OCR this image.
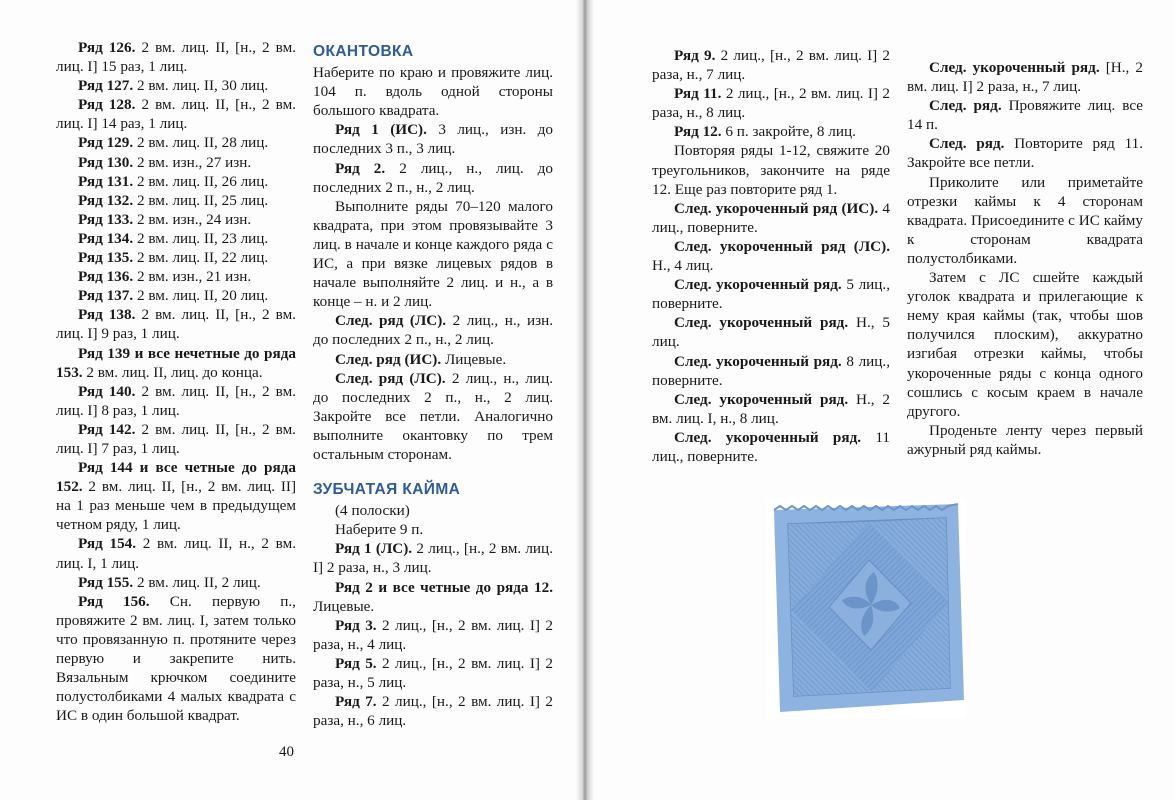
Ряд 126. 2 вм. лиц. II, [н., 2 вм. лиц. I] 15 раз, 1 лиц.

Ряд 127. 2 вм. лиц. II, 30 лиц.

Ряд 128. 2 вм. лиц. II, [н., 2 вм. лиц. I] 14 раз, 1 лиц.

Ряд 129. 2 вм. лиц. II, 28 лиц.

Ряд 130. 2 вм. изн., 27 изн.

Ряд 131. 2 вм. лиц. II, 26 лиц.

Ряд 132. 2 вм. лиц. II, 25 лиц.

Ряд 133. 2 вм. изн., 24 изн.

Ряд 134. 2 вм. лиц. II, 23 лиц.

Ряд 135. 2 вм. лиц. II, 22 лиц.

Ряд 136. 2 вм. изн., 21 изн.

Ряд 137. 2 вм. лиц. II, 20 лиц.

Ряд 138. 2 вм. лиц. II, [н., 2 вм. лиц. I] 9 раз, 1 лиц.

Ряд 139 и все нечетные до ряда 153. 2 вм. лиц. II, лиц. до конца.

Ряд 140. 2 вм. лиц. II, [н., 2 вм. лиц. I] 8 раз, 1 лиц.

Ряд 142. 2 вм. лиц. II, [н., 2 вм. лиц. I] 7 раз, 1 лиц.

Ряд 144 и все четные до ряда 152. 2 вм. лиц. II, [н., 2 вм. лиц. II] на 1 раз меньше чем в предыдущем четном ряду, 1 лиц.

Ряд 154. 2 вм. лиц. II, н., 2 вм. лиц. I, 1 лиц.

Ряд 155. 2 вм. лиц. II, 2 лиц.

Ряд 156. Сн. первую п., провяжите 2 вм. лиц. I, затем только что провязанную п. протяните через первую и закрепите нить. Вязальным крючком соедините полустолбиками 4 малых квадрата с ИС в один большой квадрат.

ОКАНТОВКА

Наберите по краю и провяжите лиц. 104 п. вдоль одной стороны большого квадрата.

Ряд 1 (ИС). 3 лиц., изн. до последних 3 п., 3 лиц.

Ряд 2. 2 лиц., н., лиц. до последних 2 п., н., 2 лиц.

Выполните ряды 70–120 малого квадрата, при этом провязывайте 3 лиц. в начале и конце каждого ряда с ИС, а при вязке лицевых рядов в начале выполняйте 2 лиц. и н., а в конце – н. и 2 лиц.

След. ряд (ЛС). 2 лиц., н., изн. до последних 2 п., н., 2 лиц.

След. ряд (ИС). Лицевые.

След. ряд (ЛС). 2 лиц., н., лиц. до последних 2 п., н., 2 лиц. Закройте все петли. Аналогично выполните окантовку по трем остальным сторонам.

ЗУБЧАТАЯ КАЙМА

(4 полоски)

Наберите 9 п.

Ряд 1 (ЛС). 2 лиц., [н., 2 вм. лиц. I] 2 раза, н., 3 лиц.

Ряд 2 и все четные до ряда 12. Лицевые.

Ряд 3. 2 лиц., [н., 2 вм. лиц. I] 2 раза, н., 4 лиц.

Ряд 5. 2 лиц., [н., 2 вм. лиц. I] 2 раза, н., 5 лиц.

Ряд 7. 2 лиц., [н., 2 вм. лиц. I] 2 раза, н., 6 лиц.

40

Ряд 9. 2 лиц., [н., 2 вм. лиц. I] 2 раза, н., 7 лиц.

Ряд 11. 2 лиц., [н., 2 вм. лиц. I] 2 раза, н., 8 лиц.

Ряд 12. 6 п. закройте, 8 лиц.

Повторяя ряды 1-12, свяжите 20 треугольников, закончите на ряде 12. Еще раз повторите ряд 1.

След. укороченный ряд (ИС). 4 лиц., поверните.

След. укороченный ряд (ЛС). Н., 4 лиц.

След. укороченный ряд. 5 лиц., поверните.

След. укороченный ряд. Н., 5 лиц.

След. укороченный ряд. 8 лиц., поверните.

След. укороченный ряд. Н., 2 вм. лиц. I, н., 8 лиц.

След. укороченный ряд. 11 лиц., поверните.

След. укороченный ряд. [Н., 2 вм. лиц. I] 2 раза, н., 7 лиц.

След. ряд. Провяжите лиц. все 14 п.

След. ряд. Повторите ряд 11. Закройте все петли.

Приколите или приметайте отрезки каймы к 4 сторонам квадрата. Присоедините с ИС кайму к сторонам квадрата полустолбиками.

Затем с ЛС сшейте каждый уголок квадрата и прилегающие к нему края каймы (так, чтобы шов получился плоским), аккуратно изгибая отрезки каймы, чтобы укороченные ряды с конца одного сошлись с косым краем в начале другого.

Проденьте ленту через первый ажурный ряд каймы.
